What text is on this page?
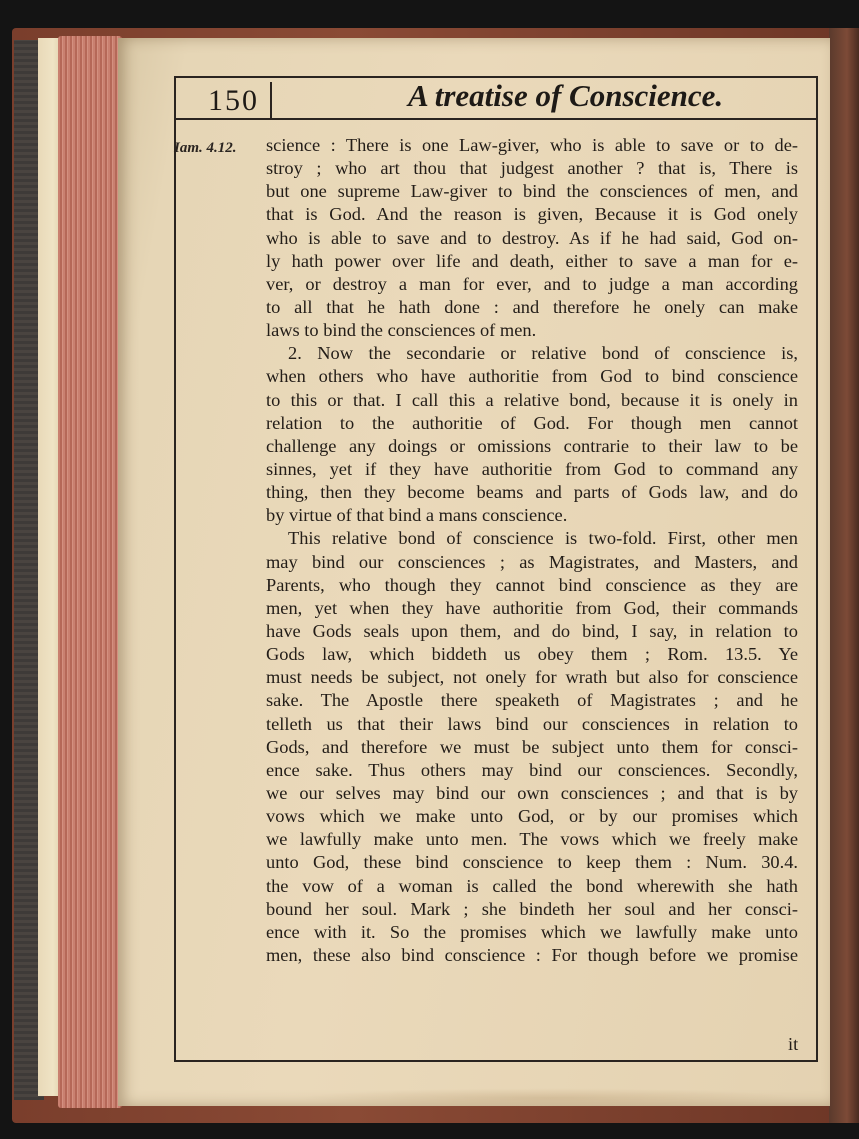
150	A treatise of Conscience.
Iam. 4.12. science : There is one Law-giver, who is able to save or to de-
stroy ; who art thou that judgest another ? that is, There is
but one supreme Law-giver to bind the consciences of men, and
that is God. And the reason is given, Because it is God onely
who is able to save and to destroy. As if he had said, God on-
ly hath power over life and death, either to save a man for e-
ver, or destroy a man for ever, and to judge a man according
to all that he hath done : and therefore he onely can make
laws to bind the consciences of men.
2. Now the secondarie or relative bond of conscience is,
when others who have authoritie from God to bind conscience
to this or that. I call this a relative bond, because it is onely in
relation to the authoritie of God. For though men cannot
challenge any doings or omissions contrarie to their law to be
sinnes, yet if they have authoritie from God to command any
thing, then they become beams and parts of Gods law, and do
by virtue of that bind a mans conscience.
This relative bond of conscience is two-fold. First, other men
may bind our consciences ; as Magistrates, and Masters, and
Parents, who though they cannot bind conscience as they are
men, yet when they have authoritie from God, their commands
have Gods seals upon them, and do bind, I say, in relation to
Gods law, which biddeth us obey them ; Rom. 13.5. Ye
must needs be subject, not onely for wrath but also for conscience
sake. The Apostle there speaketh of Magistrates ; and he
telleth us that their laws bind our consciences in relation to
Gods, and therefore we must be subject unto them for consci-
ence sake. Thus others may bind our consciences. Secondly,
we our selves may bind our own consciences ; and that is by
vows which we make unto God, or by our promises which
we lawfully make unto men. The vows which we freely make
unto God, these bind conscience to keep them : Num. 30.4.
the vow of a woman is called the bond wherewith she hath
bound her soul. Mark ; she bindeth her soul and her consci-
ence with it. So the promises which we lawfully make unto
men, these also bind conscience : For though before we promise
it
